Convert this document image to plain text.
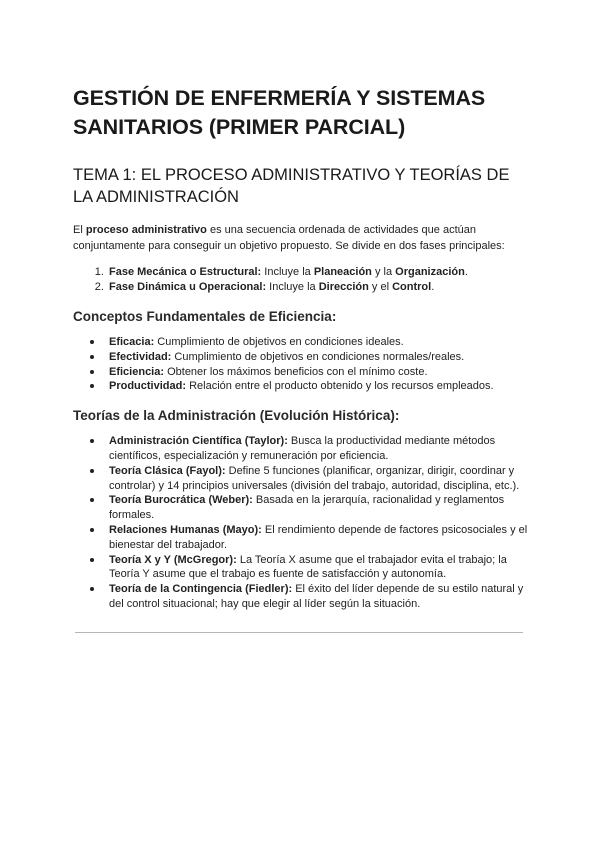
GESTIÓN DE ENFERMERÍA Y SISTEMAS SANITARIOS (PRIMER PARCIAL)
TEMA 1: EL PROCESO ADMINISTRATIVO Y TEORÍAS DE LA ADMINISTRACIÓN

El proceso administrativo es una secuencia ordenada de actividades que actúan conjuntamente para conseguir un objetivo propuesto. Se divide en dos fases principales:

1. Fase Mecánica o Estructural: Incluye la Planeación y la Organización.
2. Fase Dinámica u Operacional: Incluye la Dirección y el Control.
Conceptos Fundamentales de Eficiencia:
Eficacia: Cumplimiento de objetivos en condiciones ideales.
Efectividad: Cumplimiento de objetivos en condiciones normales/reales.
Eficiencia: Obtener los máximos beneficios con el mínimo coste.
Productividad: Relación entre el producto obtenido y los recursos empleados.
Teorías de la Administración (Evolución Histórica):
Administración Científica (Taylor): Busca la productividad mediante métodos científicos, especialización y remuneración por eficiencia.
Teoría Clásica (Fayol): Define 5 funciones (planificar, organizar, dirigir, coordinar y controlar) y 14 principios universales (división del trabajo, autoridad, disciplina, etc.).
Teoría Burocrática (Weber): Basada en la jerarquía, racionalidad y reglamentos formales.
Relaciones Humanas (Mayo): El rendimiento depende de factores psicosociales y el bienestar del trabajador.
Teoría X y Y (McGregor): La Teoría X asume que el trabajador evita el trabajo; la Teoría Y asume que el trabajo es fuente de satisfacción y autonomía.
Teoría de la Contingencia (Fiedler): El éxito del líder depende de su estilo natural y del control situacional; hay que elegir al líder según la situación.
